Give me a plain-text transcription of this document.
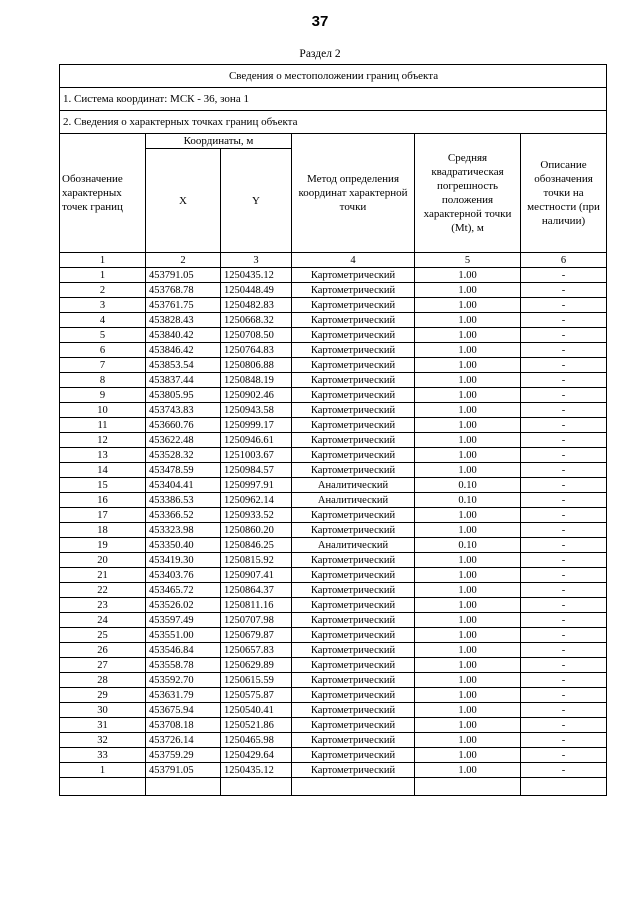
37
Раздел 2
Сведения о местоположении границ объекта					
1. Система координат: МСК - 36, зона 1					
2. Сведения о характерных точках границ объекта					
Обозначение характерных точек границ	Координаты, м		Метод определения координат характерной точки	Средняя квадратическая погрешность положения характерной точки (Mt), м	Описание обозначения точки на местности (при наличии)
	X	Y			
1	2	3	4	5	6
1	453791.05	1250435.12	Картометрический	1.00	-
2	453768.78	1250448.49	Картометрический	1.00	-
3	453761.75	1250482.83	Картометрический	1.00	-
4	453828.43	1250668.32	Картометрический	1.00	-
5	453840.42	1250708.50	Картометрический	1.00	-
6	453846.42	1250764.83	Картометрический	1.00	-
7	453853.54	1250806.88	Картометрический	1.00	-
8	453837.44	1250848.19	Картометрический	1.00	-
9	453805.95	1250902.46	Картометрический	1.00	-
10	453743.83	1250943.58	Картометрический	1.00	-
11	453660.76	1250999.17	Картометрический	1.00	-
12	453622.48	1250946.61	Картометрический	1.00	-
13	453528.32	1251003.67	Картометрический	1.00	-
14	453478.59	1250984.57	Картометрический	1.00	-
15	453404.41	1250997.91	Аналитический	0.10	-
16	453386.53	1250962.14	Аналитический	0.10	-
17	453366.52	1250933.52	Картометрический	1.00	-
18	453323.98	1250860.20	Картометрический	1.00	-
19	453350.40	1250846.25	Аналитический	0.10	-
20	453419.30	1250815.92	Картометрический	1.00	-
21	453403.76	1250907.41	Картометрический	1.00	-
22	453465.72	1250864.37	Картометрический	1.00	-
23	453526.02	1250811.16	Картометрический	1.00	-
24	453597.49	1250707.98	Картометрический	1.00	-
25	453551.00	1250679.87	Картометрический	1.00	-
26	453546.84	1250657.83	Картометрический	1.00	-
27	453558.78	1250629.89	Картометрический	1.00	-
28	453592.70	1250615.59	Картометрический	1.00	-
29	453631.79	1250575.87	Картометрический	1.00	-
30	453675.94	1250540.41	Картометрический	1.00	-
31	453708.18	1250521.86	Картометрический	1.00	-
32	453726.14	1250465.98	Картометрический	1.00	-
33	453759.29	1250429.64	Картометрический	1.00	-
1	453791.05	1250435.12	Картометрический	1.00	-
